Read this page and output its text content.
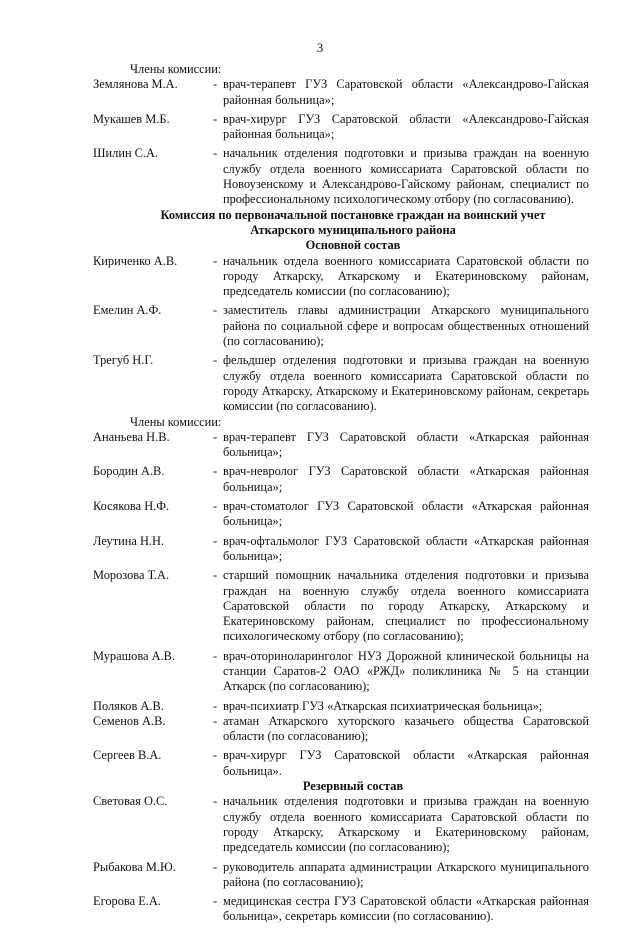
3
Члены комиссии:
Землянова М.А.	- врач-терапевт ГУЗ Саратовской области «Александрово-Гайская районная больница»;
Мукашев М.Б.	- врач-хирург ГУЗ Саратовской области «Александрово-Гайская районная больница»;
Шилин С.А.	- начальник отделения подготовки и призыва граждан на военную службу отдела военного комиссариата Саратовской области по Новоузенскому и Александрово-Гайскому районам, специалист по профессиональному психологическому отбору (по согласованию).
Комиссия по первоначальной постановке граждан на воинский учет
Аткарского муниципального района
Основной состав
Кириченко А.В.	- начальник отдела военного комиссариата Саратовской области по городу Аткарску, Аткарскому и Екатериновскому районам, председатель комиссии (по согласованию);
Емелин А.Ф.	- заместитель главы администрации Аткарского муниципального района по социальной сфере и вопросам общественных отношений (по согласованию);
Трегуб Н.Г.	- фельдшер отделения подготовки и призыва граждан на военную службу отдела военного комиссариата Саратовской области по городу Аткарску, Аткарскому и Екатериновскому районам, секретарь комиссии (по согласованию).
Члены комиссии:
Ананьева Н.В.	- врач-терапевт ГУЗ Саратовской области «Аткарская районная больница»;
Бородин А.В.	- врач-невролог ГУЗ Саратовской области «Аткарская районная больница»;
Косякова Н.Ф.	- врач-стоматолог ГУЗ Саратовской области «Аткарская районная больница»;
Леутина Н.Н.	- врач-офтальмолог ГУЗ Саратовской области «Аткарская районная больница»;
Морозова Т.А.	- старший помощник начальника отделения подготовки и призыва граждан на военную службу отдела военного комиссариата Саратовской области по городу Аткарску, Аткарскому и Екатериновскому районам, специалист по профессиональному психологическому отбору (по согласованию);
Мурашова А.В.	- врач-оториноларинголог НУЗ Дорожной клинической больницы на станции Саратов-2 ОАО «РЖД» поликлиника № 5 на станции Аткарск (по согласованию);
Поляков А.В.	- врач-психиатр ГУЗ «Аткарская психиатрическая больница»;
Семенов А.В.	- атаман Аткарского хуторского казачьего общества Саратовской области (по согласованию);
Сергеев В.А.	- врач-хирург ГУЗ Саратовской области «Аткарская районная больница».
Резервный состав
Световая О.С.	- начальник отделения подготовки и призыва граждан на военную службу отдела военного комиссариата Саратовской области по городу Аткарску, Аткарскому и Екатериновскому районам, председатель комиссии (по согласованию);
Рыбакова М.Ю.	- руководитель аппарата администрации Аткарского муниципального района (по согласованию);
Егорова Е.А.	- медицинская сестра ГУЗ Саратовской области «Аткарская районная больница», секретарь комиссии (по согласованию).
